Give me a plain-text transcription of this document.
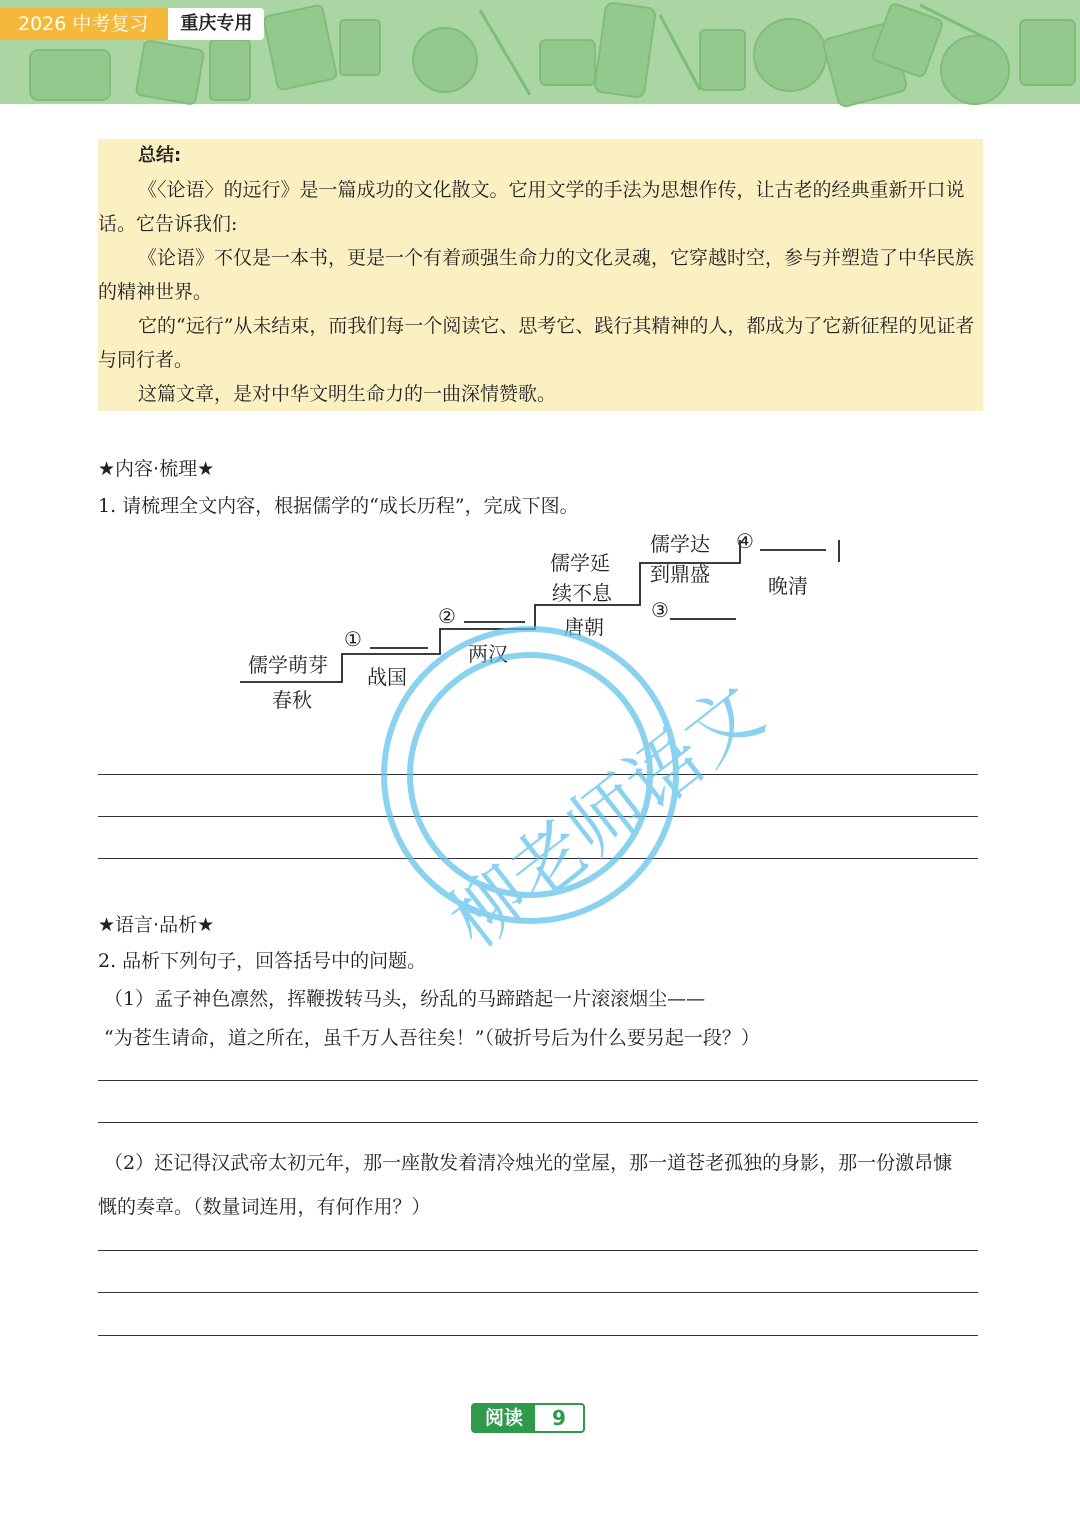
2026 中考复习	重庆专用

总结:

《〈论语〉的远行》是一篇成功的文化散文。它用文学的手法为思想作传，让古老的经典重新开口说话。它告诉我们:

《论语》不仅是一本书，更是一个有着顽强生命力的文化灵魂，它穿越时空，参与并塑造了中华民族的精神世界。

它的“远行”从未结束，而我们每一个阅读它、思考它、践行其精神的人，都成为了它新征程的见证者与同行者。

这篇文章，是对中华文明生命力的一曲深情赞歌。

★内容·梳理★
1. 请梳理全文内容，根据儒学的“成长历程”，完成下图。
儒学萌芽
春秋
①
战国
②
两汉
儒学延
续不息
唐朝
儒学达
到鼎盛
③
④
晚清
★语言·品析★
2. 品析下列句子，回答括号中的问题。
（1）孟子神色凛然，挥鞭拨转马头，纷乱的马蹄踏起一片滚滚烟尘——
“为苍生请命，道之所在，虽千万人吾往矣！”（破折号后为什么要另起一段？）
（2）还记得汉武帝太初元年，那一座散发着清冷烛光的堂屋，那一道苍老孤独的身影，那一份激昂慷
慨的奏章。（数量词连用，有何作用？）
柳老师语文
阅读	9
